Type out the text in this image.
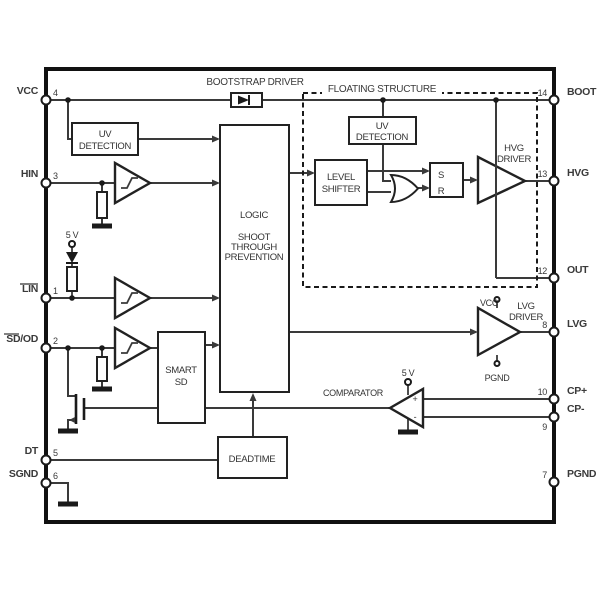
BOOTSTRAP DRIVER
FLOATING STRUCTURE
UV
DETECTION
LOGIC
SHOOT
THROUGH
PREVENTION
UV
DETECTION
LEVEL
SHIFTER
S
R
HVG
DRIVER
SMART
SD
DEADTIME
LVG
DRIVER
VCC
PGND
COMPARATOR
+
-
5 V
5 V
VCC
HIN
LIN
SD/OD
DT
SGND
BOOT
HVG
OUT
LVG
CP+
CP-
PGND
4
3
1
2
5
6
14
13
12
8
10
9
7
